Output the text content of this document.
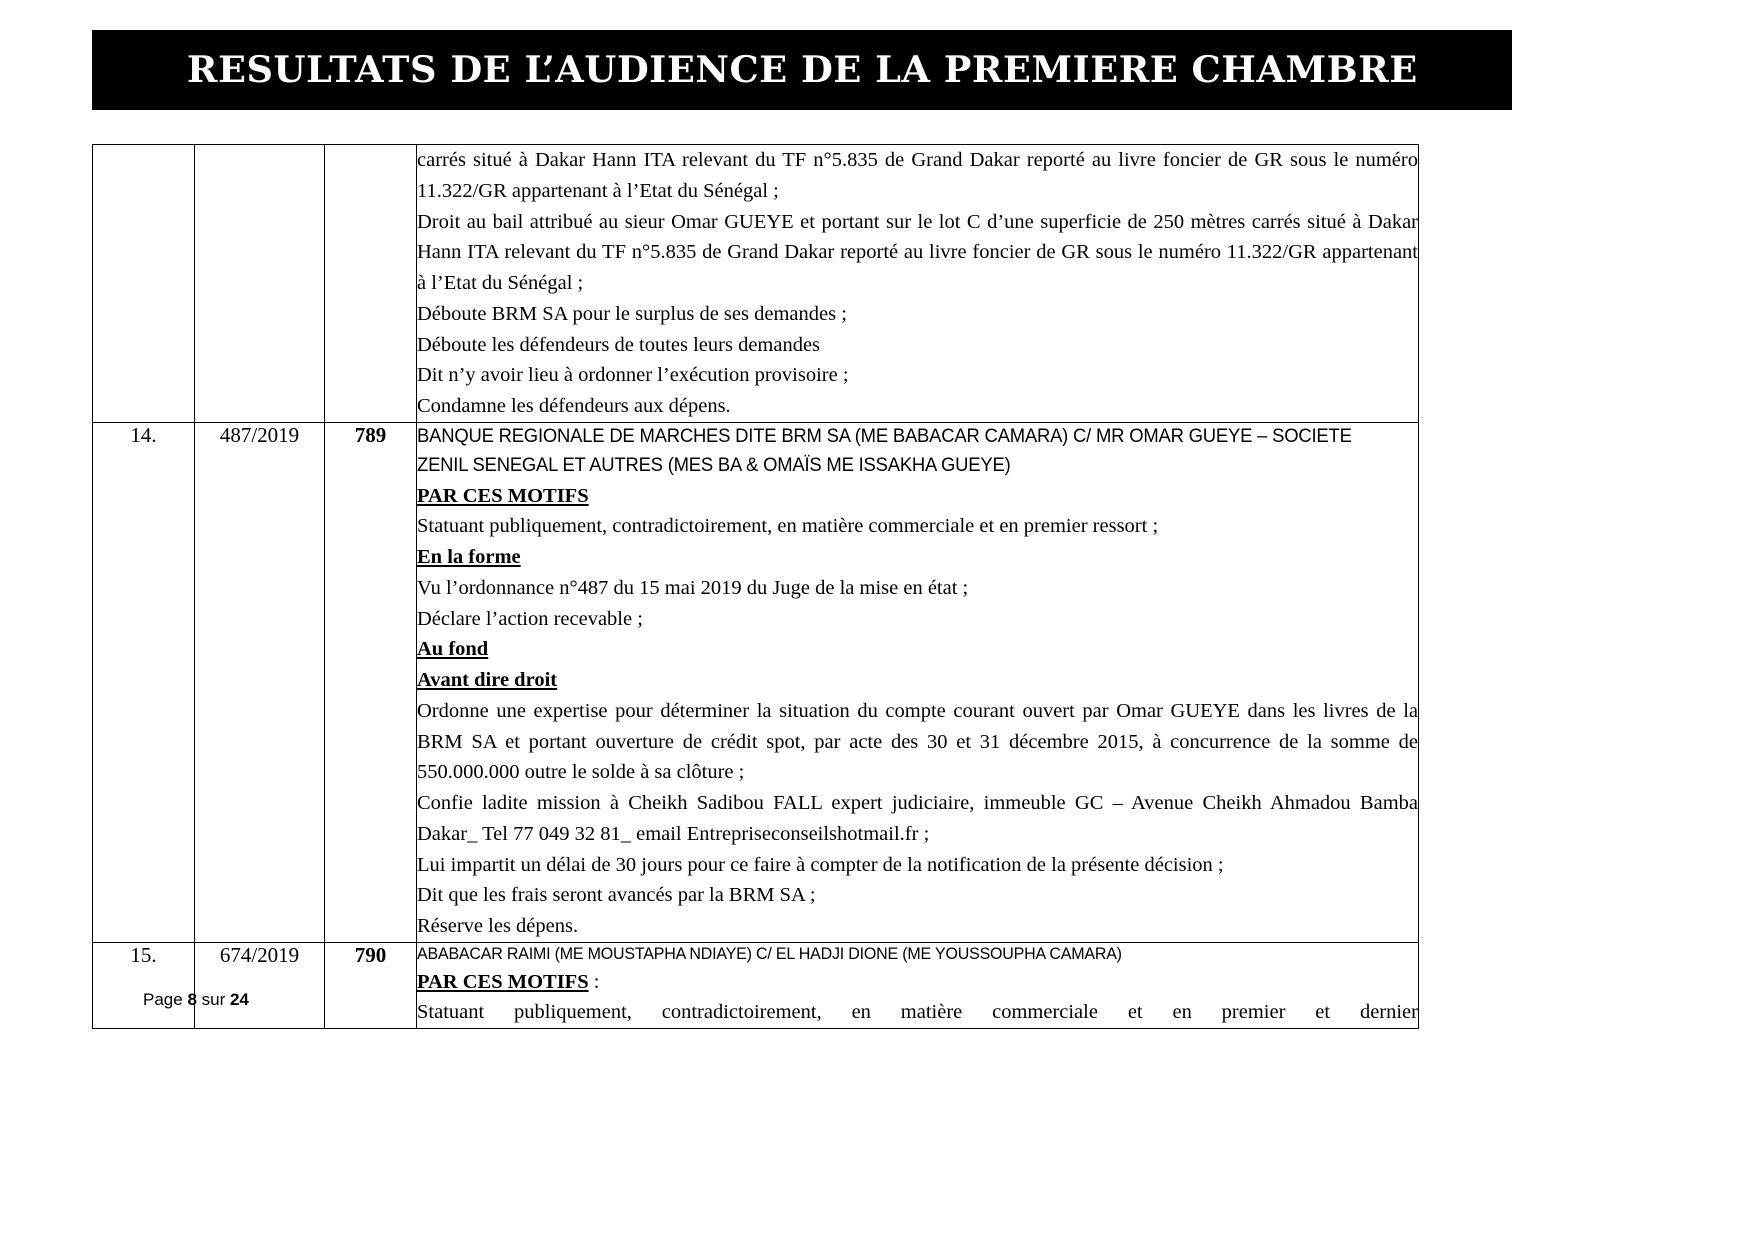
RESULTATS DE L’AUDIENCE DE LA PREMIERE CHAMBRE

carrés situé à Dakar Hann ITA relevant du TF n°5.835 de Grand Dakar reporté au livre foncier de GR sous le numéro 11.322/GR appartenant à l’Etat du Sénégal ;
Droit au bail attribué au sieur Omar GUEYE et portant sur le lot C d’une superficie de 250 mètres carrés situé à Dakar Hann ITA relevant du TF n°5.835 de Grand Dakar reporté au livre foncier de GR sous le numéro 11.322/GR appartenant à l’Etat du Sénégal ;
Déboute BRM SA pour le surplus de ses demandes ;
Déboute les défendeurs de toutes leurs demandes
Dit n’y avoir lieu à ordonner l’exécution provisoire ;
Condamne les défendeurs aux dépens.

14.	487/2019	789	BANQUE REGIONALE DE MARCHES DITE BRM SA (ME BABACAR CAMARA) C/ MR OMAR GUEYE – SOCIETE ZENIL SENEGAL ET AUTRES (MES BA & OMAÏS ME ISSAKHA GUEYE)
PAR CES MOTIFS
Statuant publiquement, contradictoirement, en matière commerciale et en premier ressort ;
En la forme
Vu l’ordonnance n°487 du 15 mai 2019 du Juge de la mise en état ;
Déclare l’action recevable ;
Au fond
Avant dire droit
Ordonne une expertise pour déterminer la situation du compte courant ouvert par Omar GUEYE dans les livres de la BRM SA et portant ouverture de crédit spot, par acte des 30 et 31 décembre 2015, à concurrence de la somme de 550.000.000 outre le solde à sa clôture ;
Confie ladite mission à Cheikh Sadibou FALL expert judiciaire, immeuble GC – Avenue Cheikh Ahmadou Bamba Dakar_ Tel 77 049 32 81_ email Entrepriseconseilshotmail.fr ;
Lui impartit un délai de 30 jours pour ce faire à compter de la notification de la présente décision ;
Dit que les frais seront avancés par la BRM SA ;
Réserve les dépens.

15.	674/2019	790	ABABACAR RAIMI (ME MOUSTAPHA NDIAYE) C/ EL HADJI DIONE (ME YOUSSOUPHA CAMARA)
PAR CES MOTIFS :
Statuant publiquement, contradictoirement, en matière commerciale et en premier et dernier
Page 8 sur 24
